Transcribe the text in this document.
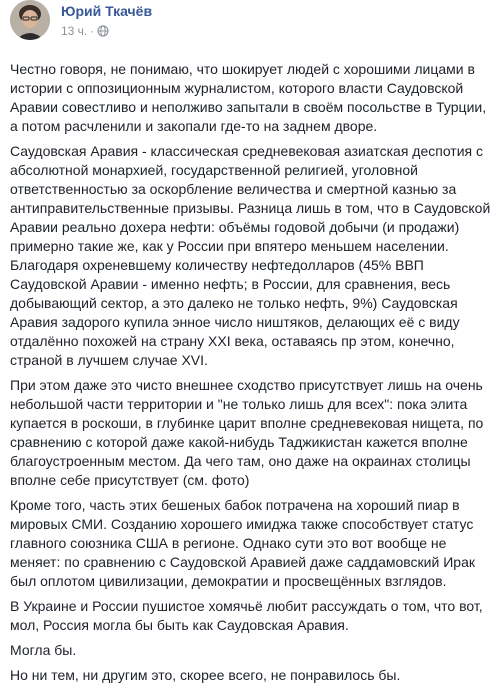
Юрий Ткачёв
13 ч. ·

Честно говоря, не понимаю, что шокирует людей с хорошими лицами в истории с оппозиционным журналистом, которого власти Саудовской Аравии совестливо и неполживо запытали в своём посольстве в Турции, а потом расчленили и закопали где-то на заднем дворе.

Саудовская Аравия - классическая средневековая азиатская деспотия с абсолютной монархией, государственной религией, уголовной ответственностью за оскорбление величества и смертной казнью за антиправительственные призывы. Разница лишь в том, что в Саудовской Аравии реально дохера нефти: объёмы годовой добычи (и продажи) примерно такие же, как у России при впятеро меньшем населении. Благодаря охреневшему количеству нефтедолларов (45% ВВП Саудовской Аравии - именно нефть; в России, для сравнения, весь добывающий сектор, а это далеко не только нефть, 9%) Саудовская Аравия задорого купила энное число ништяков, делающих её с виду отдалённо похожей на страну XXI века, оставаясь пр этом, конечно, страной в лучшем случае XVI.

При этом даже это чисто внешнее сходство присутствует лишь на очень небольшой части территории и "не только лишь для всех": пока элита купается в роскоши, в глубинке царит вполне средневековая нищета, по сравнению с которой даже какой-нибудь Таджикистан кажется вполне благоустроенным местом. Да чего там, оно даже на окраинах столицы вполне себе присутствует (см. фото)

Кроме того, часть этих бешеных бабок потрачена на хороший пиар в мировых СМИ. Созданию хорошего имиджа также способствует статус главного союзника США в регионе. Однако сути это вот вообще не меняет: по сравнению с Саудовской Аравией даже саддамовский Ирак был оплотом цивилизации, демократии и просвещённых взглядов.

В Украине и России пушистое хомячьё любит рассуждать о том, что вот, мол, Россия могла бы быть как Саудовская Аравия.

Могла бы.

Но ни тем, ни другим это, скорее всего, не понравилось бы.
